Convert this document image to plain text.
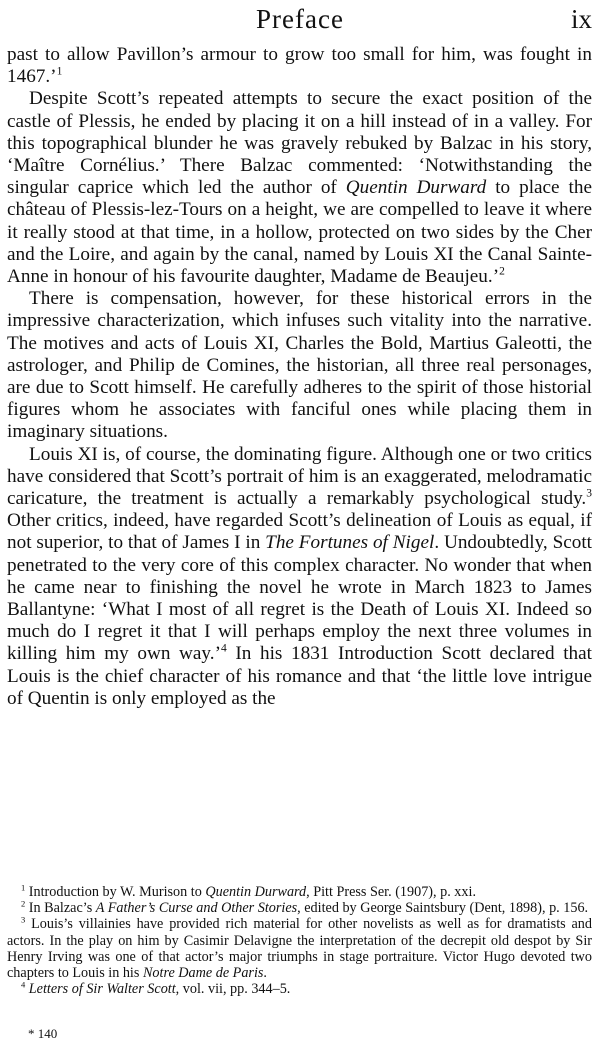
Preface	ix

past to allow Pavillon’s armour to grow too small for him, was fought in 1467.’$^1$

Despite Scott’s repeated attempts to secure the exact position of the castle of Plessis, he ended by placing it on a hill instead of in a valley. For this topographical blunder he was gravely rebuked by Balzac in his story, ‘Maître Cornélius.’ There Balzac commented: ‘Notwithstanding the singular caprice which led the author of Quentin Durward to place the château of Plessis-lez-Tours on a height, we are compelled to leave it where it really stood at that time, in a hollow, protected on two sides by the Cher and the Loire, and again by the canal, named by Louis XI the Canal Sainte-Anne in honour of his favourite daughter, Madame de Beaujeu.’$^2$

There is compensation, however, for these historical errors in the impressive characterization, which infuses such vitality into the narrative. The motives and acts of Louis XI, Charles the Bold, Martius Galeotti, the astrologer, and Philip de Comines, the historian, all three real personages, are due to Scott himself. He carefully adheres to the spirit of those historial figures whom he associates with fanciful ones while placing them in imaginary situations.

Louis XI is, of course, the dominating figure. Although one or two critics have considered that Scott’s portrait of him is an exaggerated, melodramatic caricature, the treatment is actually a remarkably psychological study.$^3$ Other critics, indeed, have regarded Scott’s delineation of Louis as equal, if not superior, to that of James I in The Fortunes of Nigel. Undoubtedly, Scott penetrated to the very core of this complex character. No wonder that when he came near to finishing the novel he wrote in March 1823 to James Ballantyne: ‘What I most of all regret is the Death of Louis XI. Indeed so much do I regret it that I will perhaps employ the next three volumes in killing him my own way.’$^4$ In his 1831 Introduction Scott declared that Louis is the chief character of his romance and that ‘the little love intrigue of Quentin is only employed as the

$^1$ Introduction by W. Murison to Quentin Durward, Pitt Press Ser. (1907), p. xxi.

$^2$ In Balzac’s A Father’s Curse and Other Stories, edited by George Saintsbury (Dent, 1898), p. 156.

$^3$ Louis’s villainies have provided rich material for other novelists as well as for dramatists and actors. In the play on him by Casimir Delavigne the interpretation of the decrepit old despot by Sir Henry Irving was one of that actor’s major triumphs in stage portraiture. Victor Hugo devoted two chapters to Louis in his Notre Dame de Paris.

$^4$ Letters of Sir Walter Scott, vol. vii, pp. 344–5.

* 140
